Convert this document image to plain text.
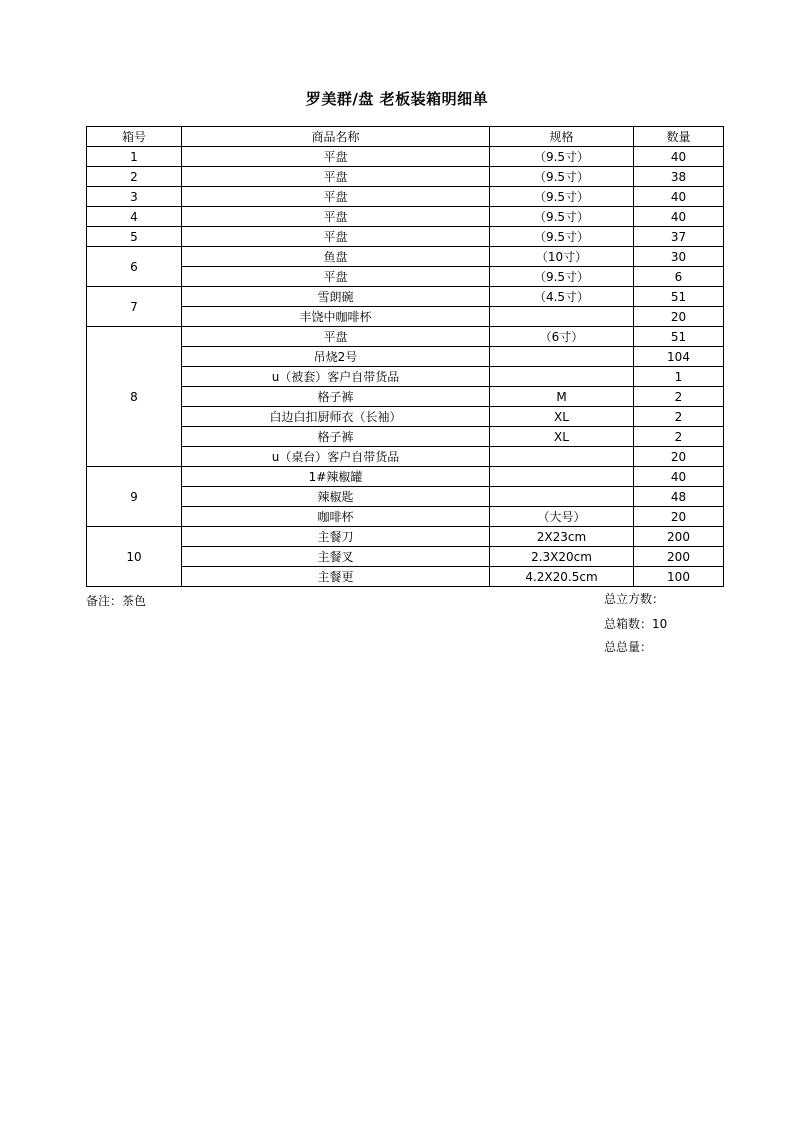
罗美群/盘 老板装箱明细单
箱号	商品名称	规格	数量
1	平盘	（9.5寸）	40
2	平盘	（9.5寸）	38
3	平盘	（9.5寸）	40
4	平盘	（9.5寸）	40
5	平盘	（9.5寸）	37
6	鱼盘	（10寸）	30
	平盘	（9.5寸）	6
7	雪朗碗	（4.5寸）	51
	丰饶中咖啡杯		20
8	平盘	（6寸）	51
	吊烧2号		104
	u（被套）客户自带货品		1
	格子裤	M	2
	白边白扣厨师衣（长袖）	XL	2
	格子裤	XL	2
	u（桌台）客户自带货品		20
9	1#辣椒罐		40
	辣椒匙		48
	咖啡杯	（大号）	20
10	主餐刀	2X23cm	200
	主餐叉	2.3X20cm	200
	主餐更	4.2X20.5cm	100
备注：茶色	总立方数：
总箱数：10
总总量：
